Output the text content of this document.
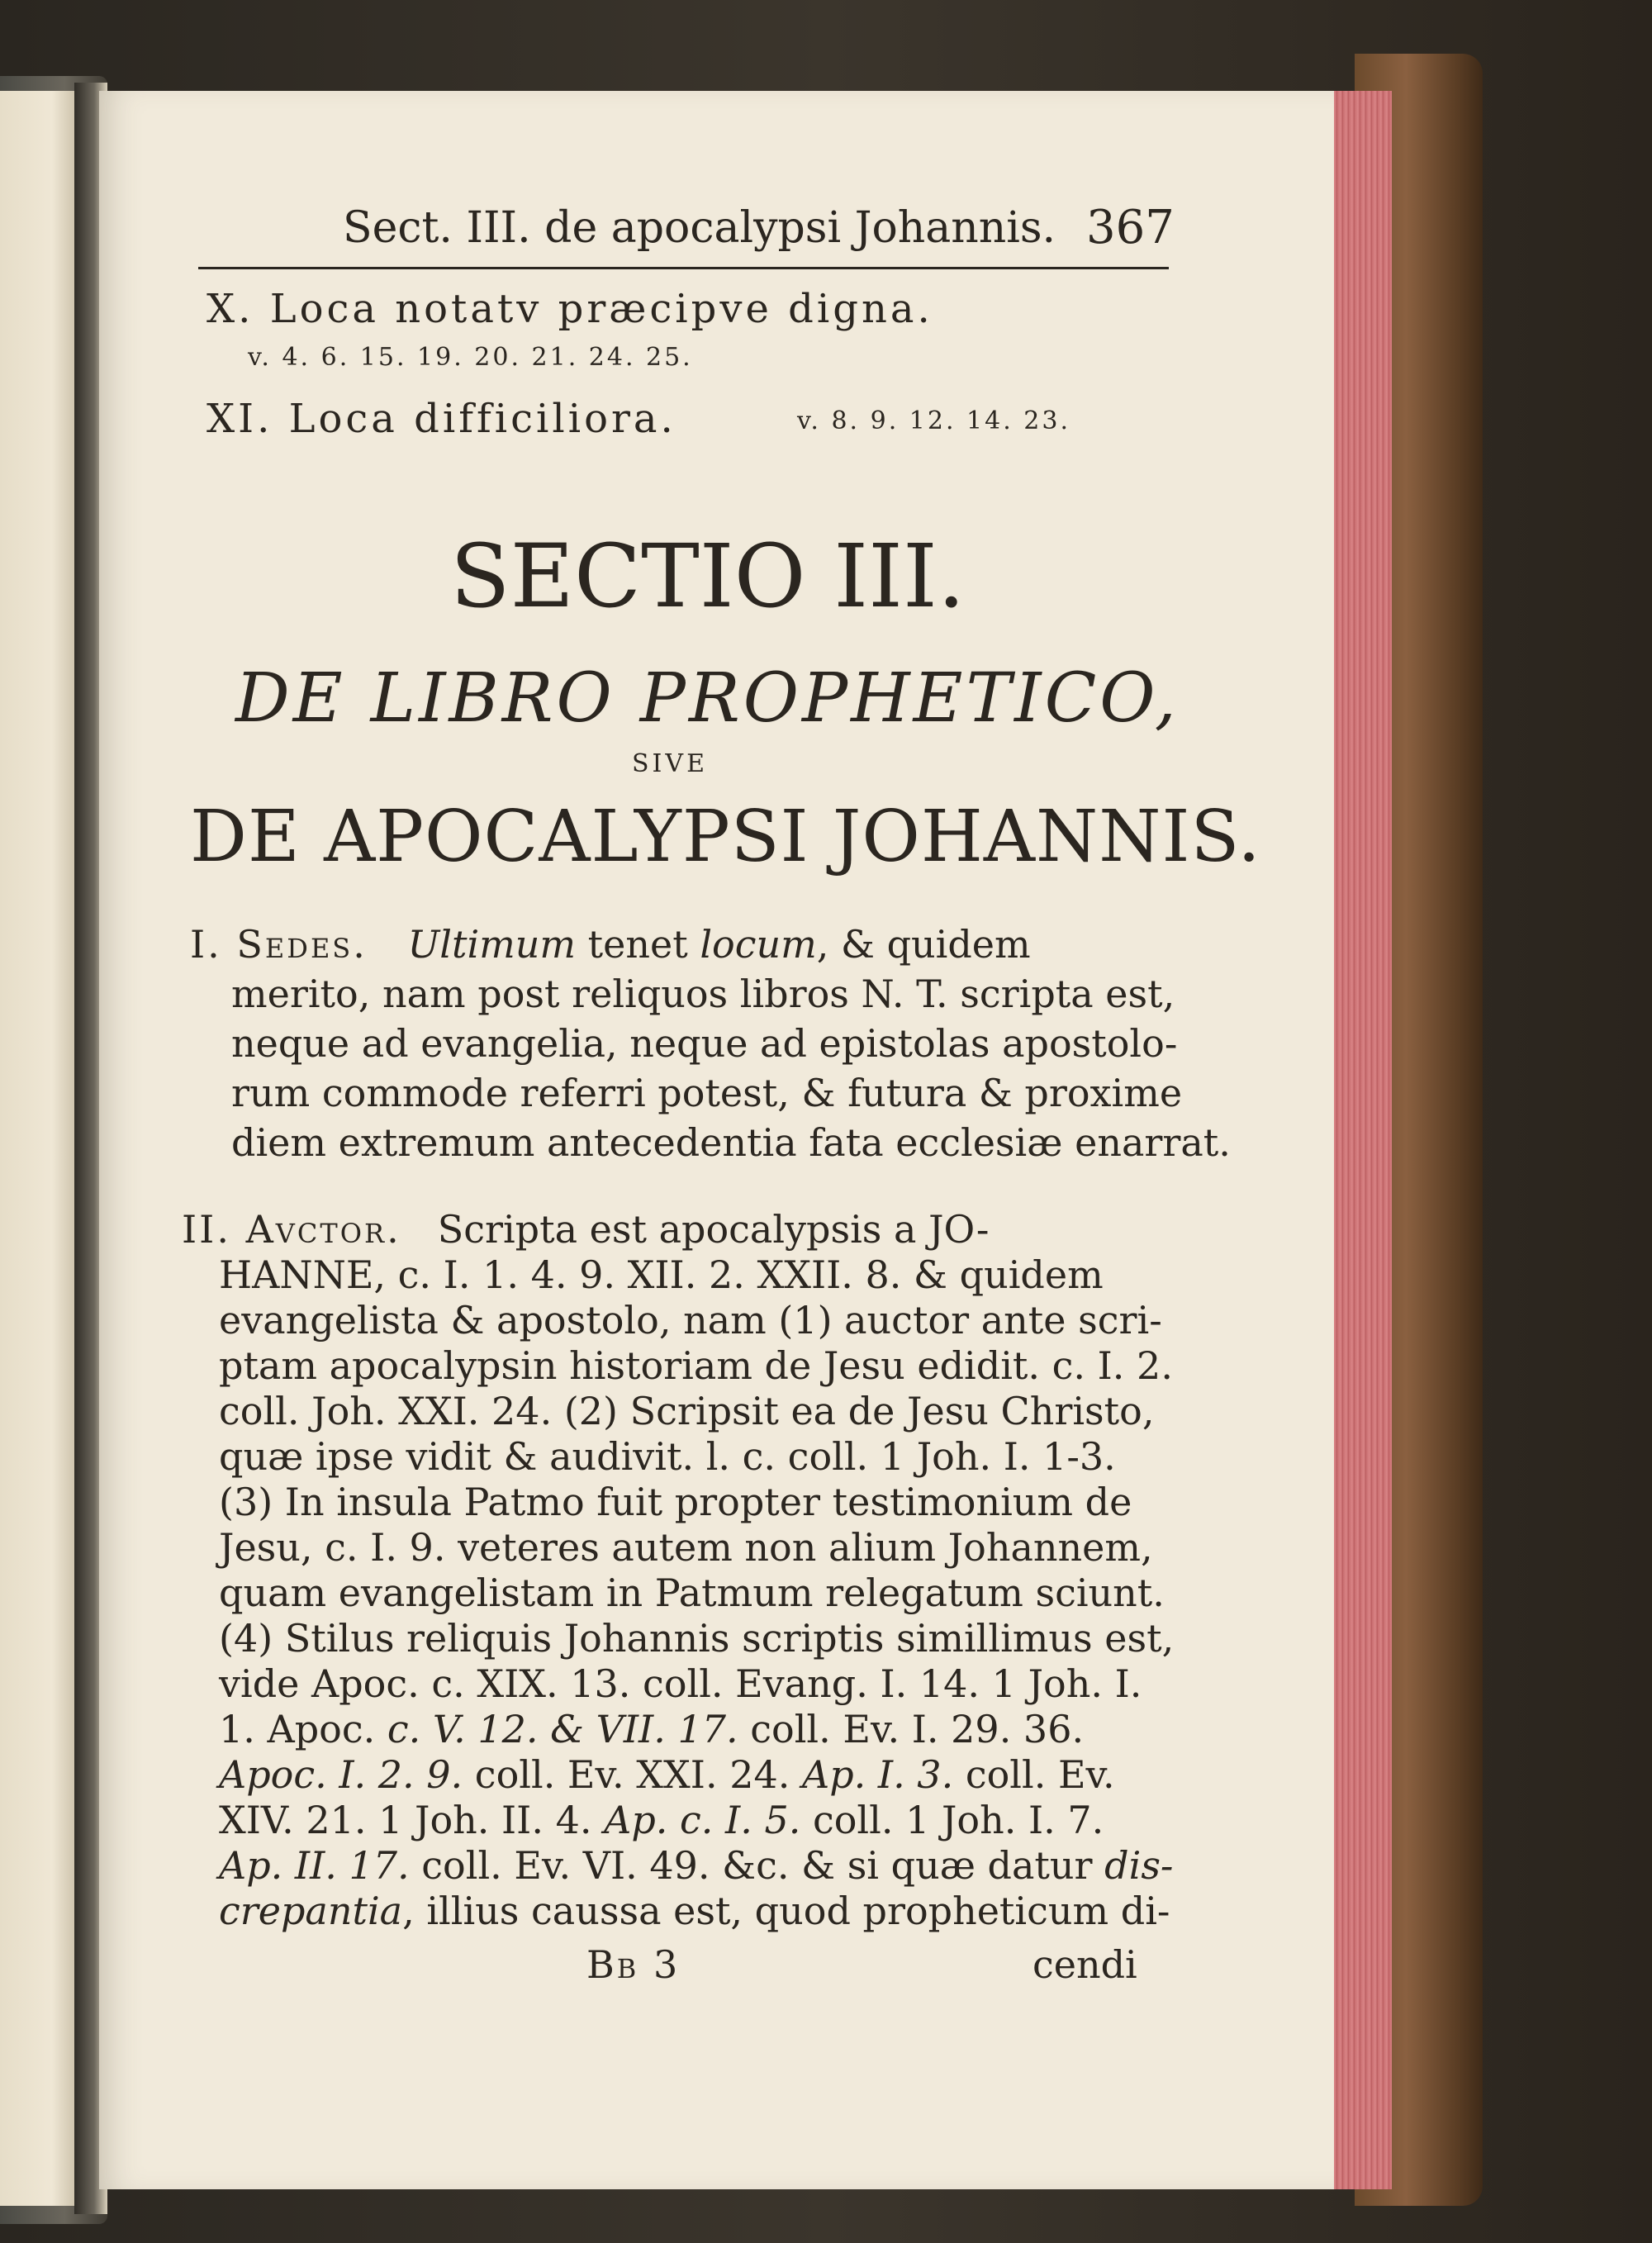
Sect. III. de apocalypsi Johannis. 367
X. Loca notatv præcipve digna.
v. 4. 6. 15. 19. 20. 21. 24. 25.
XI. Loca difficiliora.	v. 8. 9. 12. 14. 23.
SECTIO III.
DE LIBRO PROPHETICO,
SIVE
DE APOCALYPSI JOHANNIS.
I. Sedes. Ultimum tenet locum, & quidem
merito, nam post reliquos libros N. T. scripta est,
neque ad evangelia, neque ad epistolas apostolo-
rum commode referri potest, & futura & proxime
diem extremum antecedentia fata ecclesiæ enarrat.
II. Avctor. Scripta est apocalypsis a JO-
HANNE, c. I. 1. 4. 9. XII. 2. XXII. 8. & quidem
evangelista & apostolo, nam (1) auctor ante scri-
ptam apocalypsin historiam de Jesu edidit. c. I. 2.
coll. Joh. XXI. 24. (2) Scripsit ea de Jesu Christo,
quæ ipse vidit & audivit. l. c. coll. 1 Joh. I. 1-3.
(3) In insula Patmo fuit propter testimonium de
Jesu, c. I. 9. veteres autem non alium Johannem,
quam evangelistam in Patmum relegatum sciunt.
(4) Stilus reliquis Johannis scriptis simillimus est,
vide Apoc. c. XIX. 13. coll. Evang. I. 14. 1 Joh. I.
1. Apoc. c. V. 12. & VII. 17. coll. Ev. I. 29. 36.
Apoc. I. 2. 9. coll. Ev. XXI. 24. Ap. I. 3. coll. Ev.
XIV. 21. 1 Joh. II. 4. Ap. c. I. 5. coll. 1 Joh. I. 7.
Ap. II. 17. coll. Ev. VI. 49. &c. & si quæ datur dis-
crepantia, illius caussa est, quod propheticum di-
Bb 3	cendi
